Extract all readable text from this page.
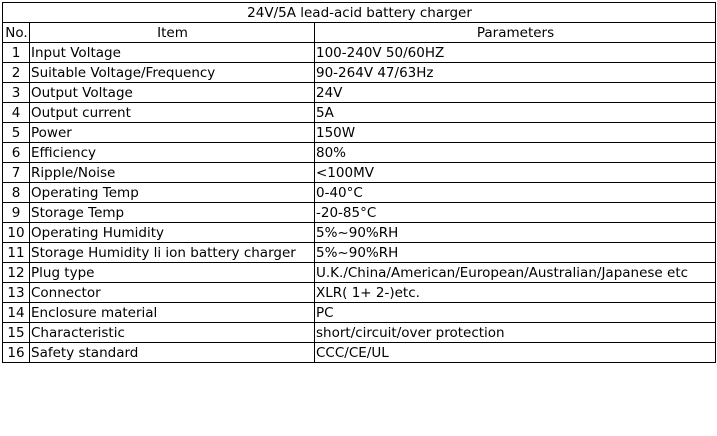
24V/5A lead-acid battery charger		
No.	Item	Parameters
1	Input Voltage	100-240V 50/60HZ
2	Suitable Voltage/Frequency	90-264V 47/63Hz
3	Output Voltage	24V
4	Output current	5A
5	Power	150W
6	Efficiency	80%
7	Ripple/Noise	<100MV
8	Operating Temp	0-40°C
9	Storage Temp	-20-85°C
10	Operating Humidity	5%~90%RH
11	Storage Humidity li ion battery charger	5%~90%RH
12	Plug type	U.K./China/American/European/Australian/Japanese etc
13	Connector	XLR( 1+ 2-)etc.
14	Enclosure material	PC
15	Characteristic	short/circuit/over protection
16	Safety standard	CCC/CE/UL
